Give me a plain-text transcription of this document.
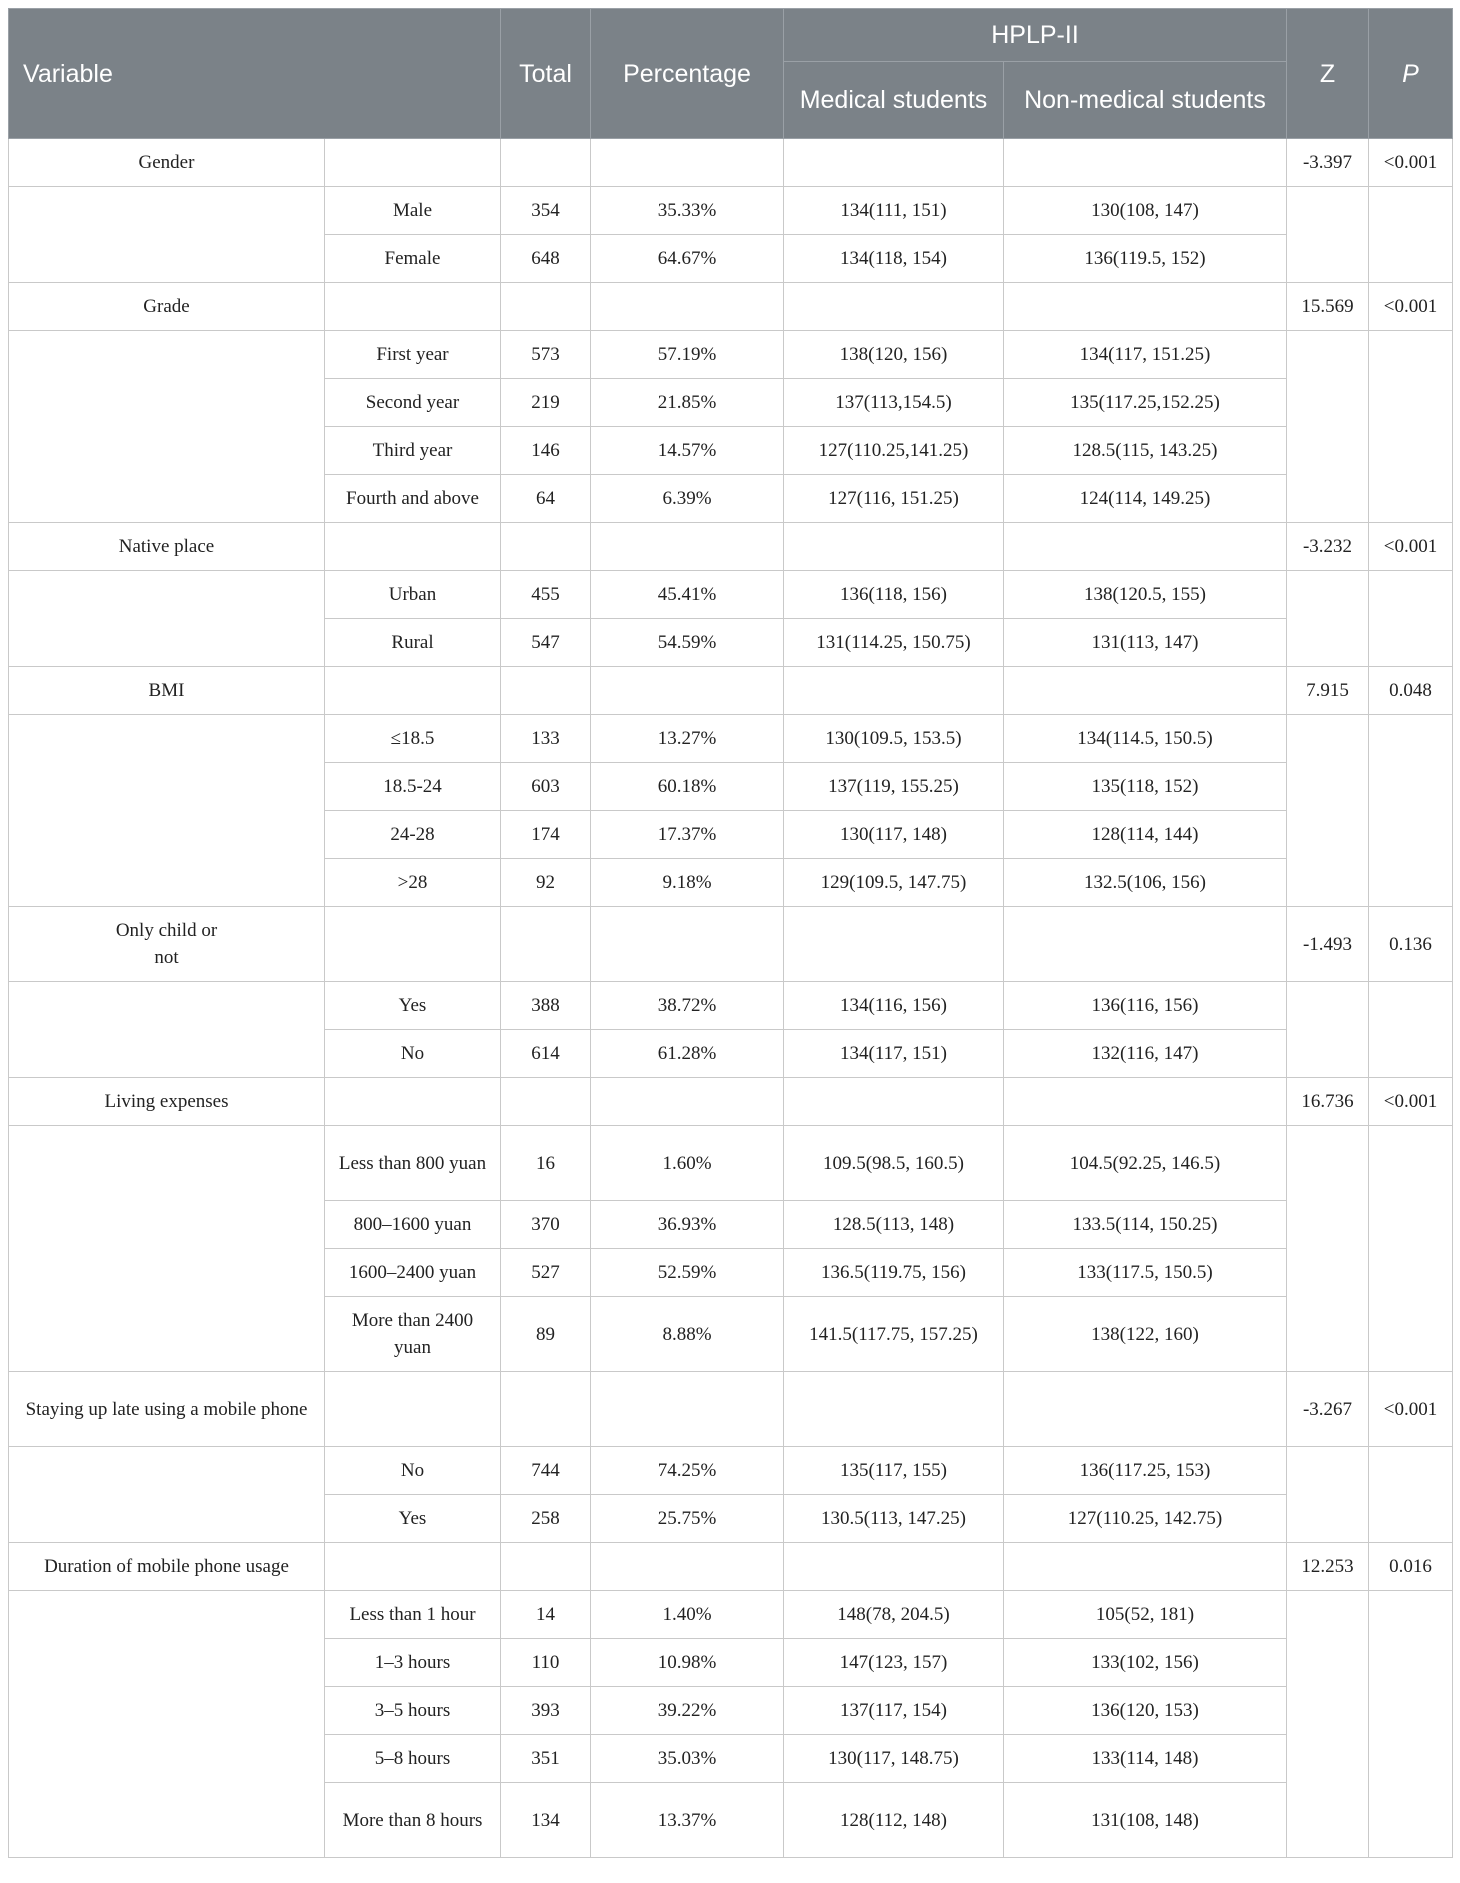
Variable		Total	Percentage	HPLP-II		Z	P
				Medical students	Non-medical students		
Gender						-3.397	<0.001
	Male	354	35.33%	134(111, 151)	130(108, 147)		
	Female	648	64.67%	134(118, 154)	136(119.5, 152)		
Grade						15.569	<0.001
	First year	573	57.19%	138(120, 156)	134(117, 151.25)		
	Second year	219	21.85%	137(113,154.5)	135(117.25,152.25)		
	Third year	146	14.57%	127(110.25,141.25)	128.5(115, 143.25)		
	Fourth and above	64	6.39%	127(116, 151.25)	124(114, 149.25)		
Native place						-3.232	<0.001
	Urban	455	45.41%	136(118, 156)	138(120.5, 155)		
	Rural	547	54.59%	131(114.25, 150.75)	131(113, 147)		
BMI						7.915	0.048
	≤18.5	133	13.27%	130(109.5, 153.5)	134(114.5, 150.5)		
	18.5-24	603	60.18%	137(119, 155.25)	135(118, 152)		
	24-28	174	17.37%	130(117, 148)	128(114, 144)		
	>28	92	9.18%	129(109.5, 147.75)	132.5(106, 156)		
Only child or not						-1.493	0.136
	Yes	388	38.72%	134(116, 156)	136(116, 156)		
	No	614	61.28%	134(117, 151)	132(116, 147)		
Living expenses						16.736	<0.001
	Less than 800 yuan	16	1.60%	109.5(98.5, 160.5)	104.5(92.25, 146.5)		
	800–1600 yuan	370	36.93%	128.5(113, 148)	133.5(114, 150.25)		
	1600–2400 yuan	527	52.59%	136.5(119.75, 156)	133(117.5, 150.5)		
	More than 2400 yuan	89	8.88%	141.5(117.75, 157.25)	138(122, 160)		
Staying up late using a mobile phone						-3.267	<0.001
	No	744	74.25%	135(117, 155)	136(117.25, 153)		
	Yes	258	25.75%	130.5(113, 147.25)	127(110.25, 142.75)		
Duration of mobile phone usage						12.253	0.016
	Less than 1 hour	14	1.40%	148(78, 204.5)	105(52, 181)		
	1–3 hours	110	10.98%	147(123, 157)	133(102, 156)		
	3–5 hours	393	39.22%	137(117, 154)	136(120, 153)		
	5–8 hours	351	35.03%	130(117, 148.75)	133(114, 148)		
	More than 8 hours	134	13.37%	128(112, 148)	131(108, 148)		
